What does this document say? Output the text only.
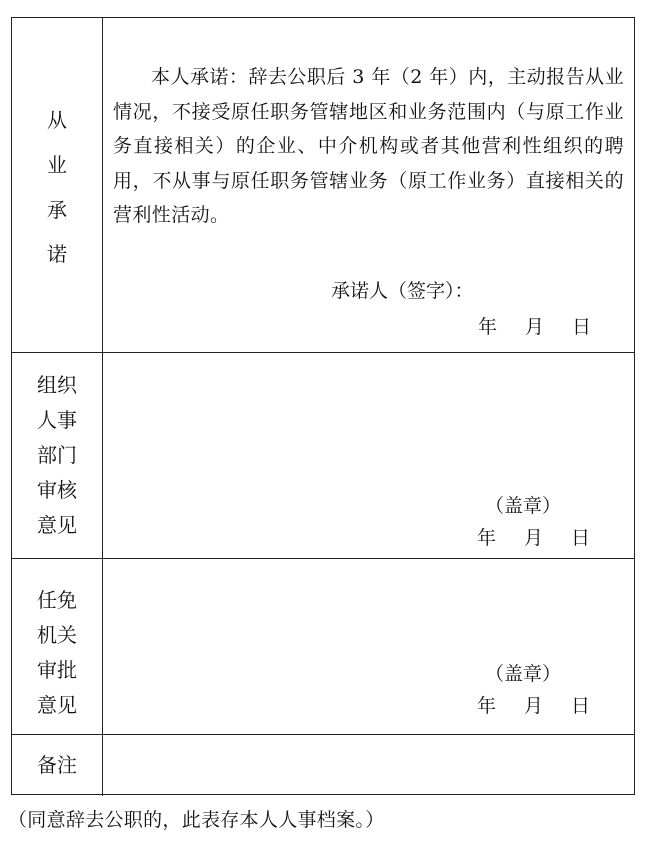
从
业
承
诺
本人承诺：辞去公职后 3 年（2 年）内，主动报告从业情况，不接受原任职务管辖地区和业务范围内（与原工作业务直接相关）的企业、中介机构或者其他营利性组织的聘用，不从事与原任职务管辖业务（原工作业务）直接相关的营利性活动。
承诺人（签字）：
年 月 日
组织
人事
部门
审核
意见
（盖章）
年 月 日
任免
机关
审批
意见
（盖章）
年 月 日
备注
（同意辞去公职的，此表存本人人事档案。）
